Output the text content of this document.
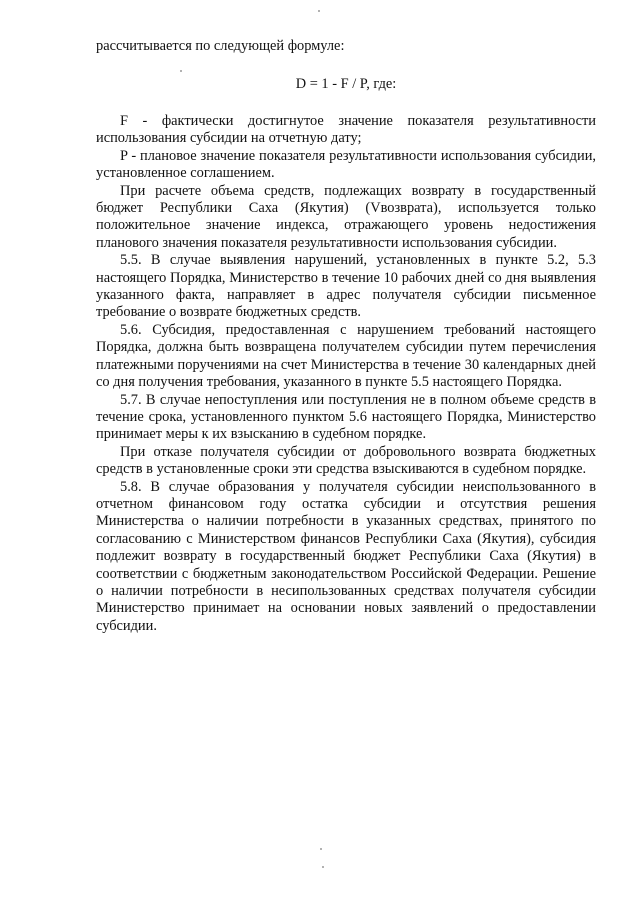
рассчитывается по следующей формуле:

D = 1 - F / P, где:

F - фактически достигнутое значение показателя результативности использования субсидии на отчетную дату;

P - плановое значение показателя результативности использования субсидии, установленное соглашением.

При расчете объема средств, подлежащих возврату в государственный бюджет Республики Саха (Якутия) (Vвозврата), используется только положительное значение индекса, отражающего уровень недостижения планового значения показателя результативности использования субсидии.

5.5. В случае выявления нарушений, установленных в пункте 5.2, 5.3 настоящего Порядка, Министерство в течение 10 рабочих дней со дня выявления указанного факта, направляет в адрес получателя субсидии письменное требование о возврате бюджетных средств.

5.6. Субсидия, предоставленная с нарушением требований настоящего Порядка, должна быть возвращена получателем субсидии путем перечисления платежными поручениями на счет Министерства в течение 30 календарных дней со дня получения требования, указанного в пункте 5.5 настоящего Порядка.

5.7. В случае непоступления или поступления не в полном объеме средств в течение срока, установленного пунктом 5.6 настоящего Порядка, Министерство принимает меры к их взысканию в судебном порядке.

При отказе получателя субсидии от добровольного возврата бюджетных средств в установленные сроки эти средства взыскиваются в судебном порядке.

5.8. В случае образования у получателя субсидии неиспользованного в отчетном финансовом году остатка субсидии и отсутствия решения Министерства о наличии потребности в указанных средствах, принятого по согласованию с Министерством финансов Республики Саха (Якутия), субсидия подлежит возврату в государственный бюджет Республики Саха (Якутия) в соответствии с бюджетным законодательством Российской Федерации. Решение о наличии потребности в несипользованных средствах получателя субсидии Министерство принимает на основании новых заявлений о предоставлении субсидии.
